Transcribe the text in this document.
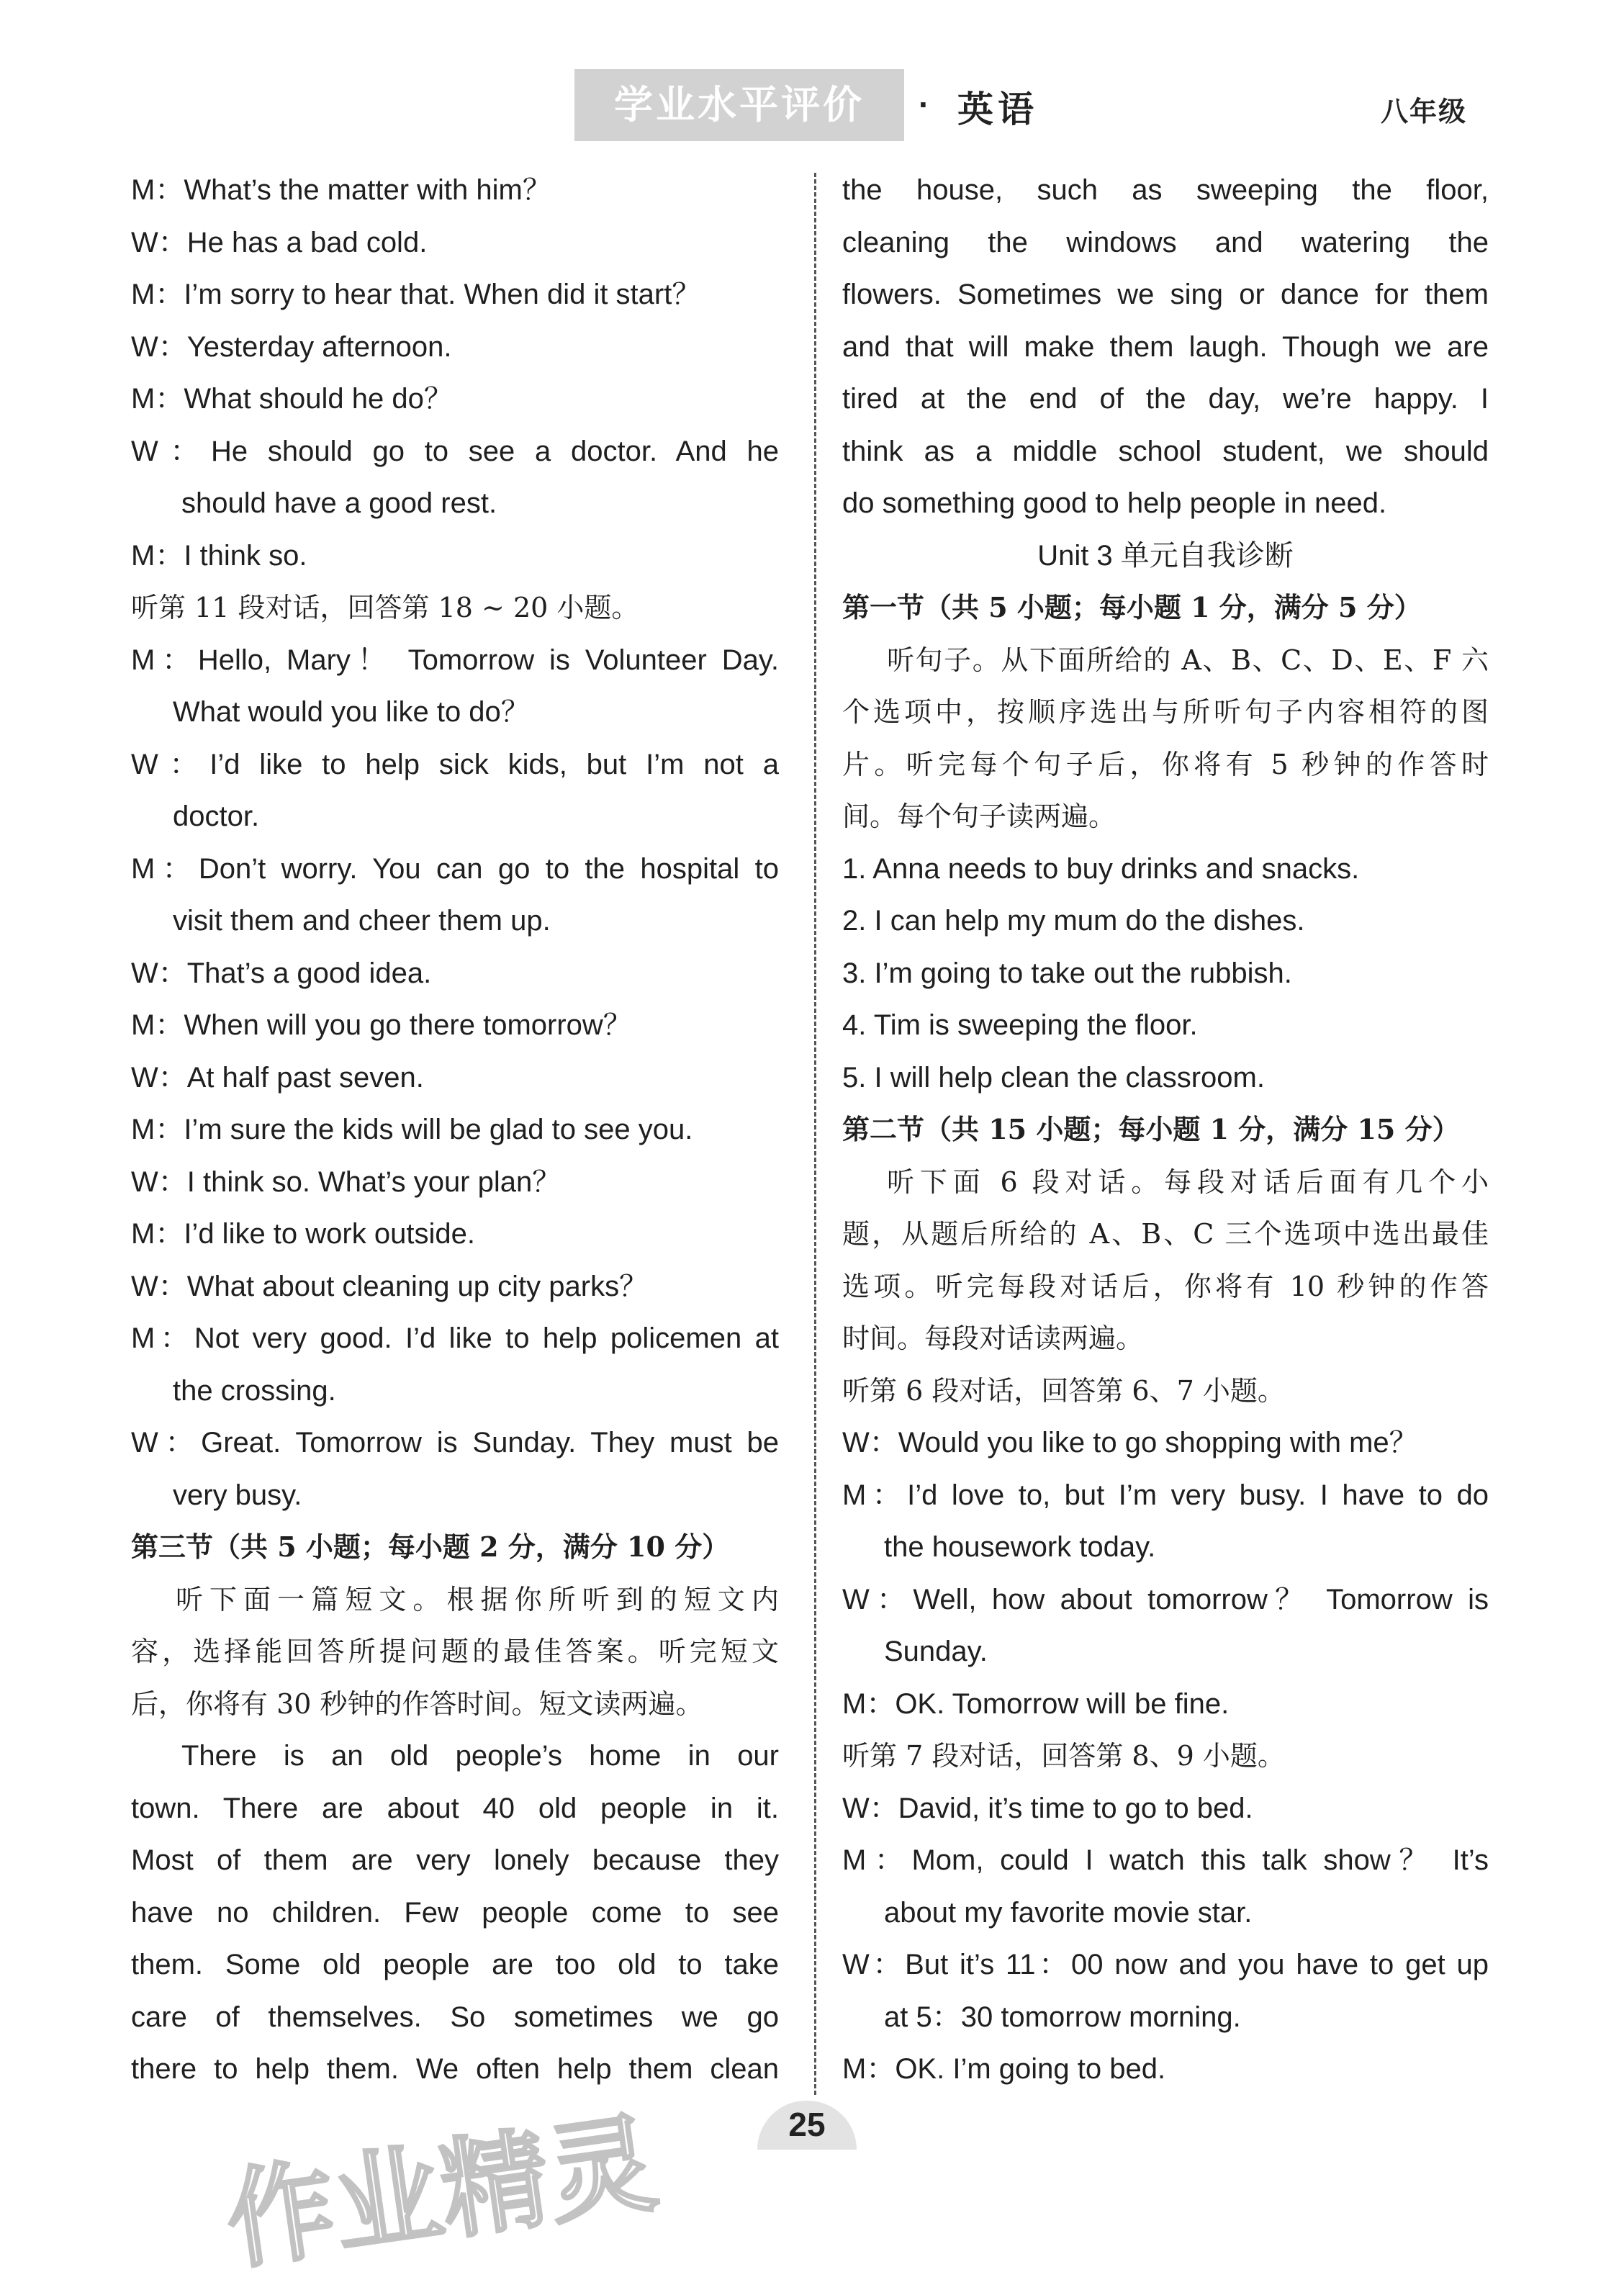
学业水平评价	· 英语	八年级
M：What’s the matter with him？
W：He has a bad cold.
M：I’m sorry to hear that. When did it start？
W：Yesterday afternoon.
M：What should he do？
W：He should go to see a doctor. And he
should have a good rest.
M：I think so.
听第 11 段对话，回答第 18 ~ 20 小题。
M：Hello, Mary！ Tomorrow is Volunteer Day.
What would you like to do？
W：I’d like to help sick kids, but I’m not a
doctor.
M：Don’t worry. You can go to the hospital to
visit them and cheer them up.
W：That’s a good idea.
M：When will you go there tomorrow？
W：At half past seven.
M：I’m sure the kids will be glad to see you.
W：I think so. What’s your plan？
M：I’d like to work outside.
W：What about cleaning up city parks？
M：Not very good. I’d like to help policemen at
the crossing.
W：Great. Tomorrow is Sunday. They must be
very busy.
第三节（共 5 小题；每小题 2 分，满分 10 分）
听下面一篇短文。根据你所听到的短文内
容，选择能回答所提问题的最佳答案。听完短文
后，你将有 30 秒钟的作答时间。短文读两遍。
There is an old people’s home in our
town. There are about 40 old people in it.
Most of them are very lonely because they
have no children. Few people come to see
them. Some old people are too old to take
care of themselves. So sometimes we go
there to help them. We often help them clean
the house, such as sweeping the floor,
cleaning the windows and watering the
flowers. Sometimes we sing or dance for them
and that will make them laugh. Though we are
tired at the end of the day, we’re happy. I
think as a middle school student, we should
do something good to help people in need.
Unit 3 单元自我诊断
第一节（共 5 小题；每小题 1 分，满分 5 分）
听句子。从下面所给的 A、B、C、D、E、F 六
个选项中，按顺序选出与所听句子内容相符的图
片。听完每个句子后，你将有 5 秒钟的作答时
间。每个句子读两遍。
1. Anna needs to buy drinks and snacks.
2. I can help my mum do the dishes.
3. I’m going to take out the rubbish.
4. Tim is sweeping the floor.
5. I will help clean the classroom.
第二节（共 15 小题；每小题 1 分，满分 15 分）
听下面 6 段对话。每段对话后面有几个小
题，从题后所给的 A、B、C 三个选项中选出最佳
选项。听完每段对话后，你将有 10 秒钟的作答
时间。每段对话读两遍。
听第 6 段对话，回答第 6、7 小题。
W：Would you like to go shopping with me？
M：I’d love to, but I’m very busy. I have to do
the housework today.
W：Well, how about tomorrow？ Tomorrow is
Sunday.
M：OK. Tomorrow will be fine.
听第 7 段对话，回答第 8、9 小题。
W：David, it’s time to go to bed.
M：Mom, could I watch this talk show？ It’s
about my favorite movie star.
W：But it’s 11：00 now and you have to get up
at 5：30 tomorrow morning.
M：OK. I’m going to bed.
25
作业精灵
